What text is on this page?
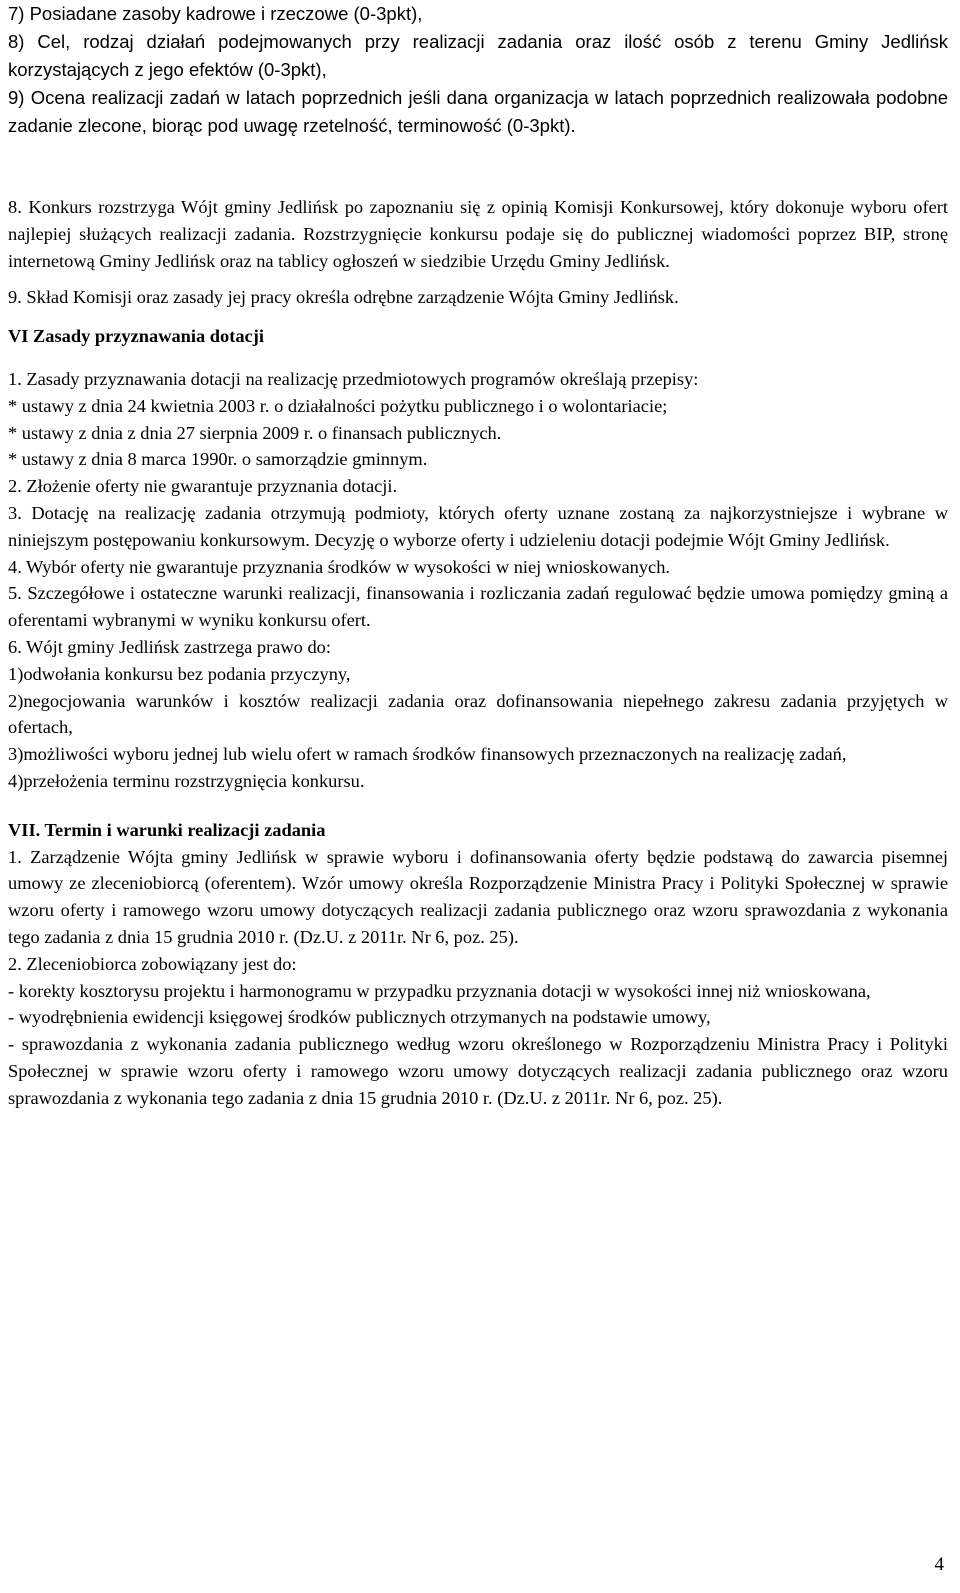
7) Posiadane zasoby kadrowe i rzeczowe (0-3pkt),

8) Cel, rodzaj działań podejmowanych przy realizacji zadania oraz ilość osób z terenu Gminy Jedlińsk korzystających z jego efektów (0-3pkt),

9) Ocena realizacji zadań w latach poprzednich jeśli dana organizacja w latach poprzednich realizowała podobne zadanie zlecone, biorąc pod uwagę rzetelność, terminowość (0-3pkt).

8. Konkurs rozstrzyga Wójt gminy Jedlińsk po zapoznaniu się z opinią Komisji Konkursowej, który dokonuje wyboru ofert najlepiej służących realizacji zadania. Rozstrzygnięcie konkursu podaje się do publicznej wiadomości poprzez BIP, stronę internetową Gminy Jedlińsk oraz na tablicy ogłoszeń w siedzibie Urzędu Gminy Jedlińsk.

9. Skład Komisji oraz zasady jej pracy określa odrębne zarządzenie Wójta Gminy Jedlińsk.

VI Zasady przyznawania dotacji

1. Zasady przyznawania dotacji na realizację przedmiotowych programów określają przepisy:

* ustawy z dnia 24 kwietnia 2003 r. o działalności pożytku publicznego i o wolontariacie;

* ustawy z dnia z dnia 27 sierpnia 2009 r. o finansach publicznych.

* ustawy z dnia 8 marca 1990r. o samorządzie gminnym.

2. Złożenie oferty nie gwarantuje przyznania dotacji.

3. Dotację na realizację zadania otrzymują podmioty, których oferty uznane zostaną za najkorzystniejsze i wybrane w niniejszym postępowaniu konkursowym. Decyzję o wyborze oferty i udzieleniu dotacji podejmie Wójt Gminy Jedlińsk.

4. Wybór oferty nie gwarantuje przyznania środków w wysokości w niej wnioskowanych.

5. Szczegółowe i ostateczne warunki realizacji, finansowania i rozliczania zadań regulować będzie umowa pomiędzy gminą a oferentami wybranymi w wyniku konkursu ofert.

6. Wójt gminy Jedlińsk zastrzega prawo do:

1)odwołania konkursu bez podania przyczyny,

2)negocjowania warunków i kosztów realizacji zadania oraz dofinansowania niepełnego zakresu zadania przyjętych w ofertach,

3)możliwości wyboru jednej lub wielu ofert w ramach środków finansowych przeznaczonych na realizację zadań,

4)przełożenia terminu rozstrzygnięcia konkursu.

VII. Termin i warunki realizacji zadania

1. Zarządzenie Wójta gminy Jedlińsk w sprawie wyboru i dofinansowania oferty będzie podstawą do zawarcia pisemnej umowy ze zleceniobiorcą (oferentem). Wzór umowy określa Rozporządzenie Ministra Pracy i Polityki Społecznej w sprawie wzoru oferty i ramowego wzoru umowy dotyczących realizacji zadania publicznego oraz wzoru sprawozdania z wykonania tego zadania z dnia 15 grudnia 2010 r. (Dz.U. z 2011r. Nr 6, poz. 25).

2. Zleceniobiorca zobowiązany jest do:

- korekty kosztorysu projektu i harmonogramu w przypadku przyznania dotacji w wysokości innej niż wnioskowana,

- wyodrębnienia ewidencji księgowej środków publicznych otrzymanych na podstawie umowy,

- sprawozdania z wykonania zadania publicznego według wzoru określonego w Rozporządzeniu Ministra Pracy i Polityki Społecznej w sprawie wzoru oferty i ramowego wzoru umowy dotyczących realizacji zadania publicznego oraz wzoru sprawozdania z wykonania tego zadania z dnia 15 grudnia 2010 r. (Dz.U. z 2011r. Nr 6, poz. 25).

4
